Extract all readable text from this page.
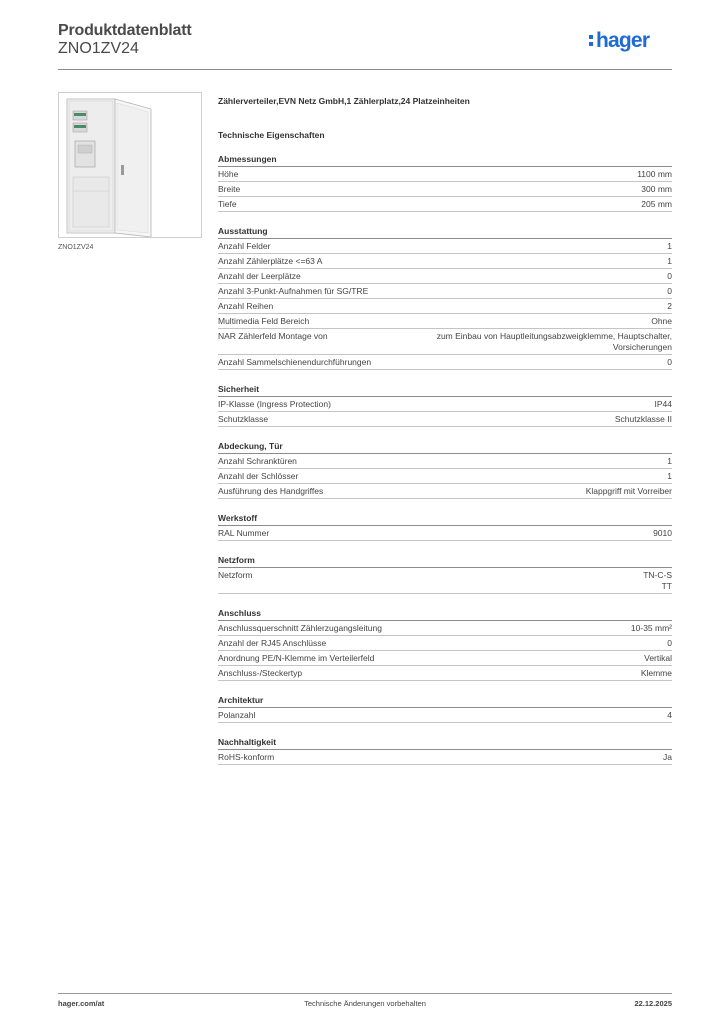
Produktdatenblatt
ZNO1ZV24	hager
ZNO1ZV24
Zählerverteiler,EVN Netz GmbH,1 Zählerplatz,24 Platzeinheiten
Technische Eigenschaften
Abmessungen
Höhe	1100 mm
Breite	300 mm
Tiefe	205 mm
Ausstattung
Anzahl Felder	1
Anzahl Zählerplätze <=63 A	1
Anzahl der Leerplätze	0
Anzahl 3-Punkt-Aufnahmen für SG/TRE	0
Anzahl Reihen	2
Multimedia Feld Bereich	Ohne
NAR Zählerfeld Montage von	zum Einbau von Hauptleitungsabzweigklemme, Hauptschalter,
Vorsicherungen
Anzahl Sammelschienendurchführungen	0
Sicherheit
IP-Klasse (Ingress Protection)	IP44
Schutzklasse	Schutzklasse II
Abdeckung, Tür
Anzahl Schranktüren	1
Anzahl der Schlösser	1
Ausführung des Handgriffes	Klappgriff mit Vorreiber
Werkstoff
RAL Nummer	9010
Netzform
Netzform	TN-C-S
TT
Anschluss
Anschlussquerschnitt Zählerzugangsleitung	10-35 mm²
Anzahl der RJ45 Anschlüsse	0
Anordnung PE/N-Klemme im Verteilerfeld	Vertikal
Anschluss-/Steckertyp	Klemme
Architektur
Polanzahl	4
Nachhaltigkeit
RoHS-konform	Ja
hager.com/at	Technische Änderungen vorbehalten	22.12.2025
